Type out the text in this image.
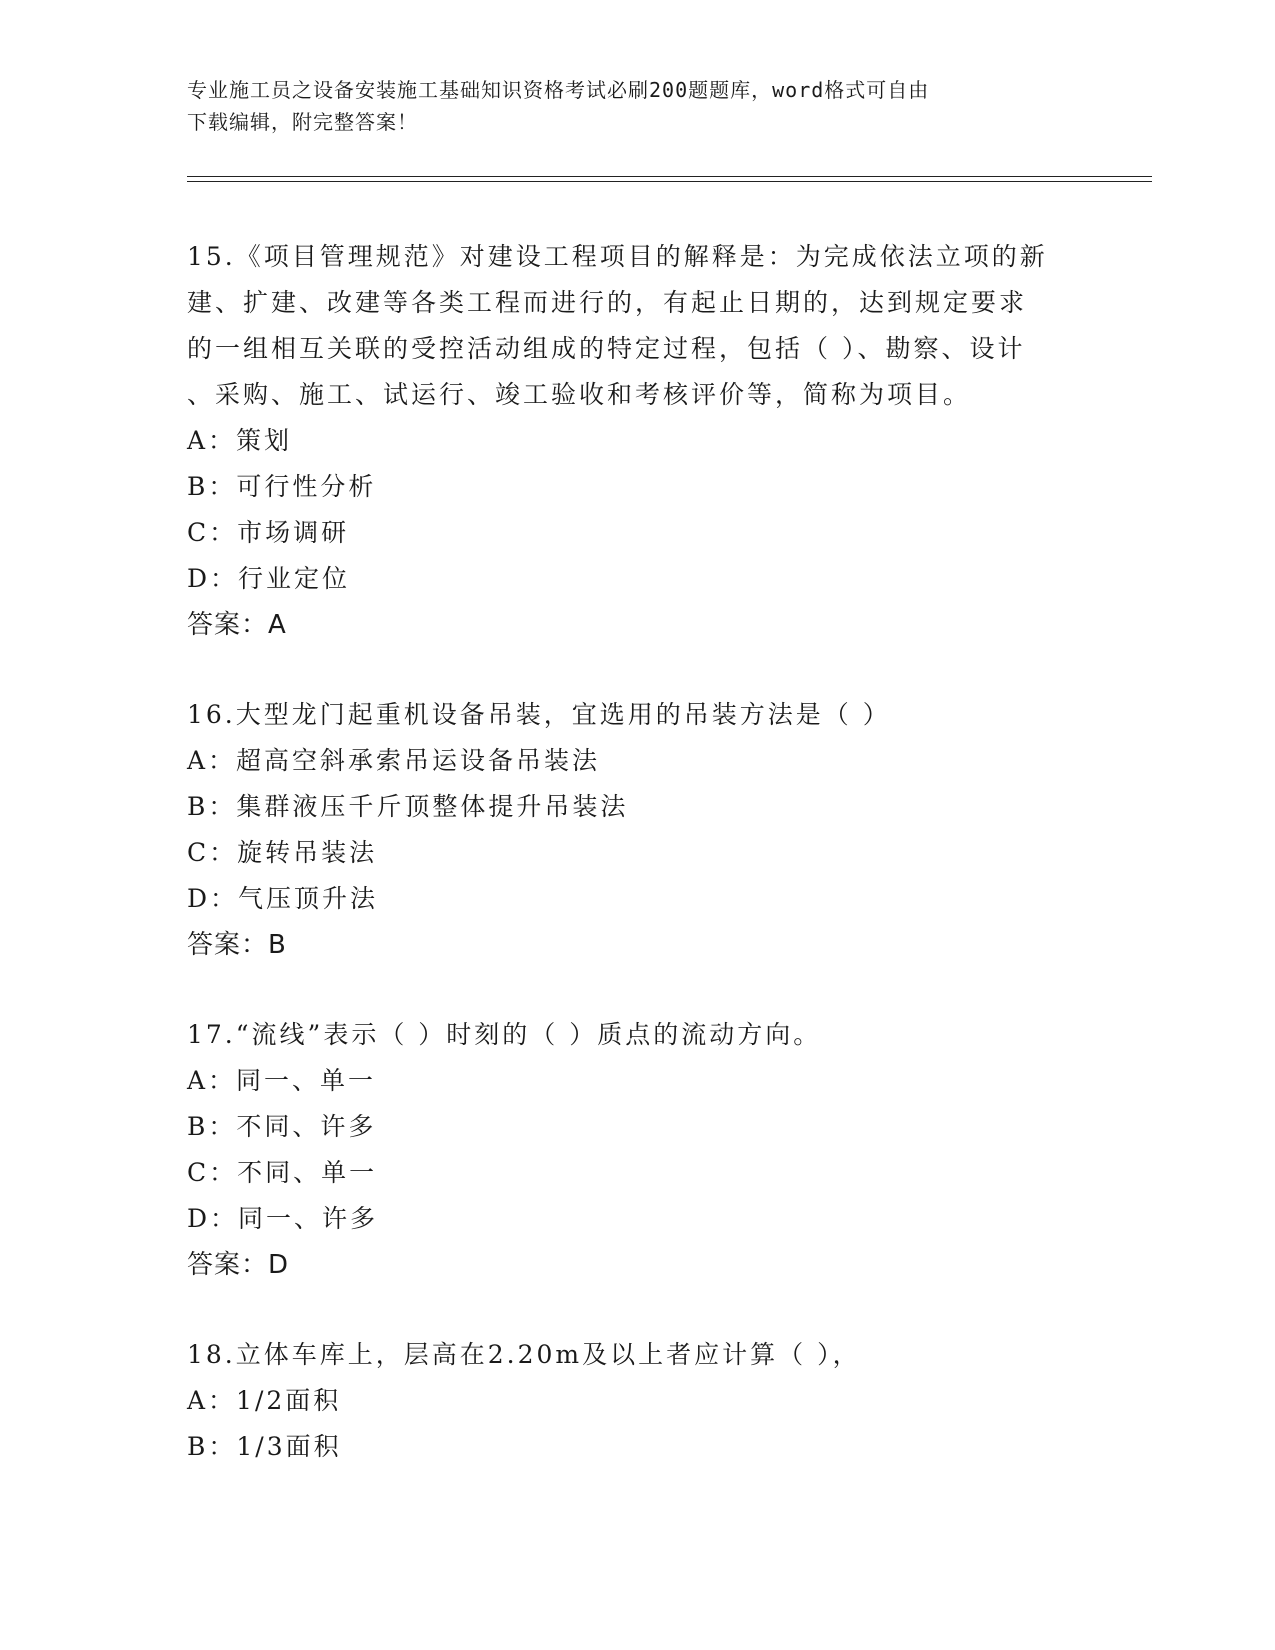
专业施工员之设备安装施工基础知识资格考试必刷200题题库，word格式可自由
下载编辑，附完整答案！

15.《项目管理规范》对建设工程项目的解释是：为完成依法立项的新

建、扩建、改建等各类工程而进行的，有起止日期的，达到规定要求

的一组相互关联的受控活动组成的特定过程，包括（ ）、勘察、设计

、采购、施工、试运行、竣工验收和考核评价等，简称为项目。

A：策划

B：可行性分析

C：市场调研

D：行业定位

答案：A

16.大型龙门起重机设备吊装，宜选用的吊装方法是（ ）

A：超高空斜承索吊运设备吊装法

B：集群液压千斤顶整体提升吊装法

C：旋转吊装法

D：气压顶升法

答案：B

17.“流线”表示（ ）时刻的（ ）质点的流动方向。

A：同一、单一

B：不同、许多

C：不同、单一

D：同一、许多

答案：D

18.立体车库上，层高在2.20m及以上者应计算（ ），

A：1/2面积

B：1/3面积
